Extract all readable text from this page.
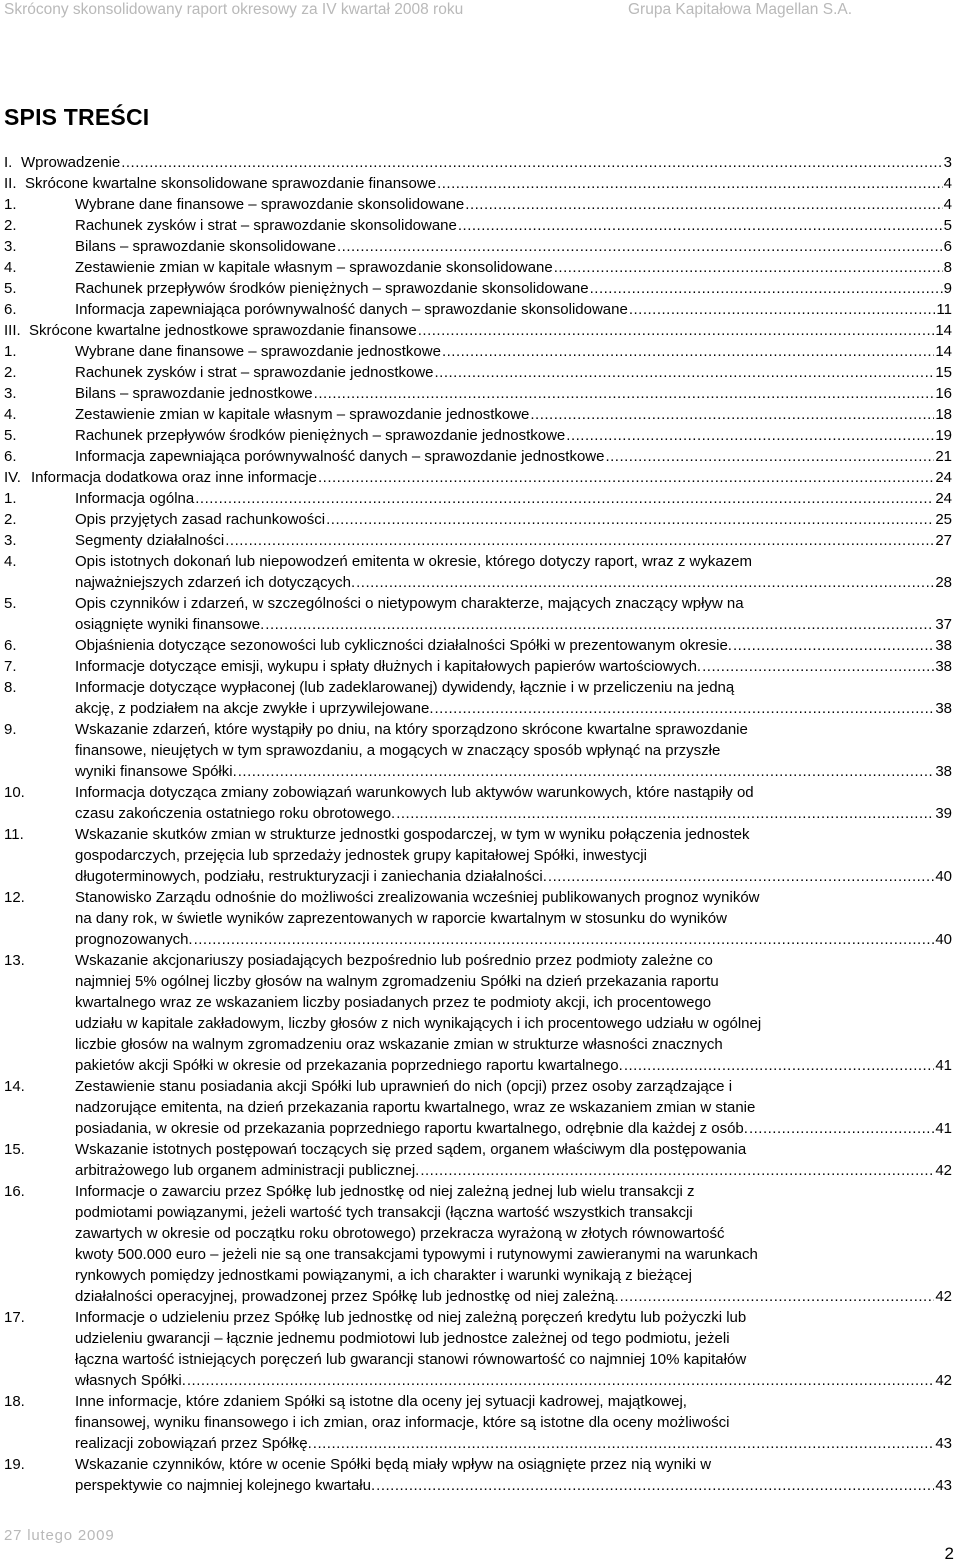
Skrócony skonsolidowany raport okresowy za IV kwartał 2008 roku	Grupa Kapitałowa Magellan S.A.
SPIS TREŚCI
I. Wprowadzenie .....	3
II. Skrócone kwartalne skonsolidowane sprawozdanie finansowe .....	4
1.	Wybrane dane finansowe – sprawozdanie skonsolidowane .....	4
2.	Rachunek zysków i strat – sprawozdanie skonsolidowane .....	5
3.	Bilans – sprawozdanie skonsolidowane .....	6
4.	Zestawienie zmian w kapitale własnym – sprawozdanie skonsolidowane .....	8
5.	Rachunek przepływów środków pieniężnych – sprawozdanie skonsolidowane .....	9
6.	Informacja zapewniająca porównywalność danych – sprawozdanie skonsolidowane .....	11
III. Skrócone kwartalne jednostkowe sprawozdanie finansowe .....	14
1.	Wybrane dane finansowe – sprawozdanie jednostkowe .....	14
2.	Rachunek zysków i strat – sprawozdanie jednostkowe .....	15
3.	Bilans – sprawozdanie jednostkowe .....	16
4.	Zestawienie zmian w kapitale własnym – sprawozdanie jednostkowe .....	18
5.	Rachunek przepływów środków pieniężnych – sprawozdanie jednostkowe .....	19
6.	Informacja zapewniająca porównywalność danych – sprawozdanie jednostkowe .....	21
IV. Informacja dodatkowa oraz inne informacje .....	24
1.	Informacja ogólna .....	24
2.	Opis przyjętych zasad rachunkowości .....	25
3.	Segmenty działalności .....	27
4.	Opis istotnych dokonań lub niepowodzeń emitenta w okresie, którego dotyczy raport, wraz z wykazem
najważniejszych zdarzeń ich dotyczących. .....	28
5.	Opis czynników i zdarzeń, w szczególności o nietypowym charakterze, mających znaczący wpływ na
osiągnięte wyniki finansowe. .....	37
6.	Objaśnienia dotyczące sezonowości lub cykliczności działalności Spółki w prezentowanym okresie. .....	38
7.	Informacje dotyczące emisji, wykupu i spłaty dłużnych i kapitałowych papierów wartościowych. .....	38
8.	Informacje dotyczące wypłaconej (lub zadeklarowanej) dywidendy, łącznie i w przeliczeniu na jedną
akcję, z podziałem na akcje zwykłe i uprzywilejowane. .....	38
9.	Wskazanie zdarzeń, które wystąpiły po dniu, na który sporządzono skrócone kwartalne sprawozdanie
finansowe, nieujętych w tym sprawozdaniu, a mogących w znaczący sposób wpłynąć na przyszłe
wyniki finansowe Spółki. .....	38
10.	Informacja dotycząca zmiany zobowiązań warunkowych lub aktywów warunkowych, które nastąpiły od
czasu zakończenia ostatniego roku obrotowego. .....	39
11.	Wskazanie skutków zmian w strukturze jednostki gospodarczej, w tym w wyniku połączenia jednostek
gospodarczych, przejęcia lub sprzedaży jednostek grupy kapitałowej Spółki, inwestycji
długoterminowych, podziału, restrukturyzacji i zaniechania działalności. .....	40
12.	Stanowisko Zarządu odnośnie do możliwości zrealizowania wcześniej publikowanych prognoz wyników
na dany rok, w świetle wyników zaprezentowanych w raporcie kwartalnym w stosunku do wyników
prognozowanych. .....	40
13.	Wskazanie akcjonariuszy posiadających bezpośrednio lub pośrednio przez podmioty zależne co
najmniej 5% ogólnej liczby głosów na walnym zgromadzeniu Spółki na dzień przekazania raportu
kwartalnego wraz ze wskazaniem liczby posiadanych przez te podmioty akcji, ich procentowego
udziału w kapitale zakładowym, liczby głosów z nich wynikających i ich procentowego udziału w ogólnej
liczbie głosów na walnym zgromadzeniu oraz wskazanie zmian w strukturze własności znacznych
pakietów akcji Spółki w okresie od przekazania poprzedniego raportu kwartalnego. .....	41
14.	Zestawienie stanu posiadania akcji Spółki lub uprawnień do nich (opcji) przez osoby zarządzające i
nadzorujące emitenta, na dzień przekazania raportu kwartalnego, wraz ze wskazaniem zmian w stanie
posiadania, w okresie od przekazania poprzedniego raportu kwartalnego, odrębnie dla każdej z osób. .....	41
15.	Wskazanie istotnych postępowań toczących się przed sądem, organem właściwym dla postępowania
arbitrażowego lub organem administracji publicznej. .....	42
16.	Informacje o zawarciu przez Spółkę lub jednostkę od niej zależną jednej lub wielu transakcji z
podmiotami powiązanymi, jeżeli wartość tych transakcji (łączna wartość wszystkich transakcji
zawartych w okresie od początku roku obrotowego) przekracza wyrażoną w złotych równowartość
kwoty 500.000 euro – jeżeli nie są one transakcjami typowymi i rutynowymi zawieranymi na warunkach
rynkowych pomiędzy jednostkami powiązanymi, a ich charakter i warunki wynikają z bieżącej
działalności operacyjnej, prowadzonej przez Spółkę lub jednostkę od niej zależną. .....	42
17.	Informacje o udzieleniu przez Spółkę lub jednostkę od niej zależną poręczeń kredytu lub pożyczki lub
udzieleniu gwarancji – łącznie jednemu podmiotowi lub jednostce zależnej od tego podmiotu, jeżeli
łączna wartość istniejących poręczeń lub gwarancji stanowi równowartość co najmniej 10% kapitałów
własnych Spółki. .....	42
18.	Inne informacje, które zdaniem Spółki są istotne dla oceny jej sytuacji kadrowej, majątkowej,
finansowej, wyniku finansowego i ich zmian, oraz informacje, które są istotne dla oceny możliwości
realizacji zobowiązań przez Spółkę. .....	43
19.	Wskazanie czynników, które w ocenie Spółki będą miały wpływ na osiągnięte przez nią wyniki w
perspektywie co najmniej kolejnego kwartału. .....	43
27 lutego 2009
2
